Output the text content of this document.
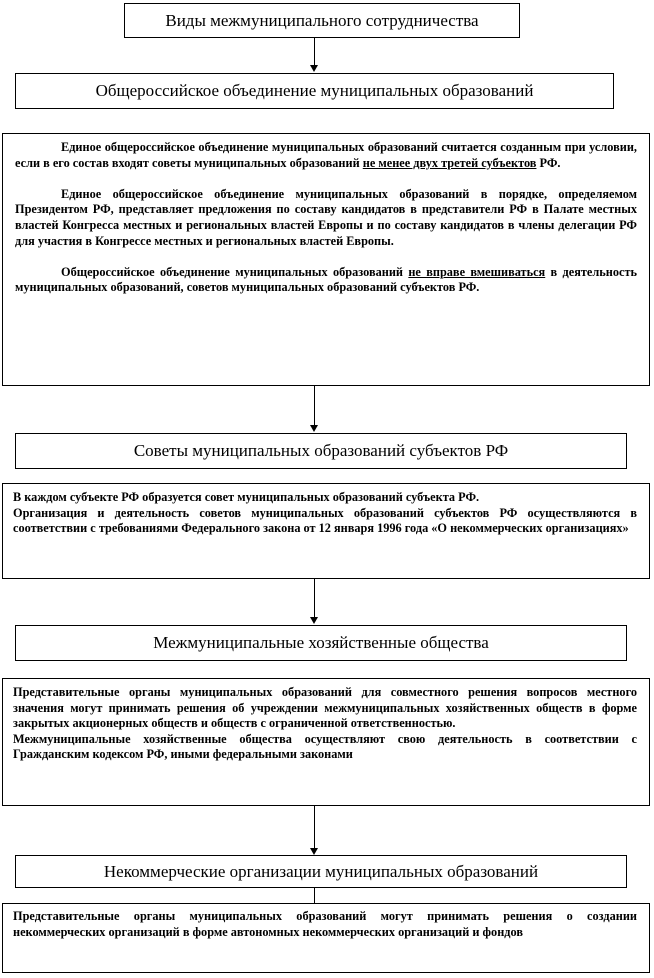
Виды межмуниципального сотрудничества
Общероссийское объединение муниципальных образований

Единое общероссийское объединение муниципальных образований считается созданным при условии, если в его состав входят советы муниципальных образований не менее двух третей субъектов РФ.

Единое общероссийское объединение муниципальных образований в порядке, определяемом Президентом РФ, представляет предложения по составу кандидатов в представители РФ в Палате местных властей Конгресса местных и региональных властей Европы и по составу кандидатов в члены делегации РФ для участия в Конгрессе местных и региональных властей Европы.

Общероссийское объединение муниципальных образований не вправе вмешиваться в деятельность муниципальных образований, советов муниципальных образований субъектов РФ.

Советы муниципальных образований субъектов РФ

В каждом субъекте РФ образуется совет муниципальных образований субъекта РФ.

Организация и деятельность советов муниципальных образований субъектов РФ осуществляются в соответствии с требованиями Федерального закона от 12 января 1996 года «О некоммерческих организациях»

Межмуниципальные хозяйственные общества

Представительные органы муниципальных образований для совместного решения вопросов местного значения могут принимать решения об учреждении межмуниципальных хозяйственных обществ в форме закрытых акционерных обществ и обществ с ограниченной ответственностью.

Межмуниципальные хозяйственные общества осуществляют свою деятельность в соответствии с Гражданским кодексом РФ, иными федеральными законами

Некоммерческие организации муниципальных образований

Представительные органы муниципальных образований могут принимать решения о создании некоммерческих организаций в форме автономных некоммерческих организаций и фондов
